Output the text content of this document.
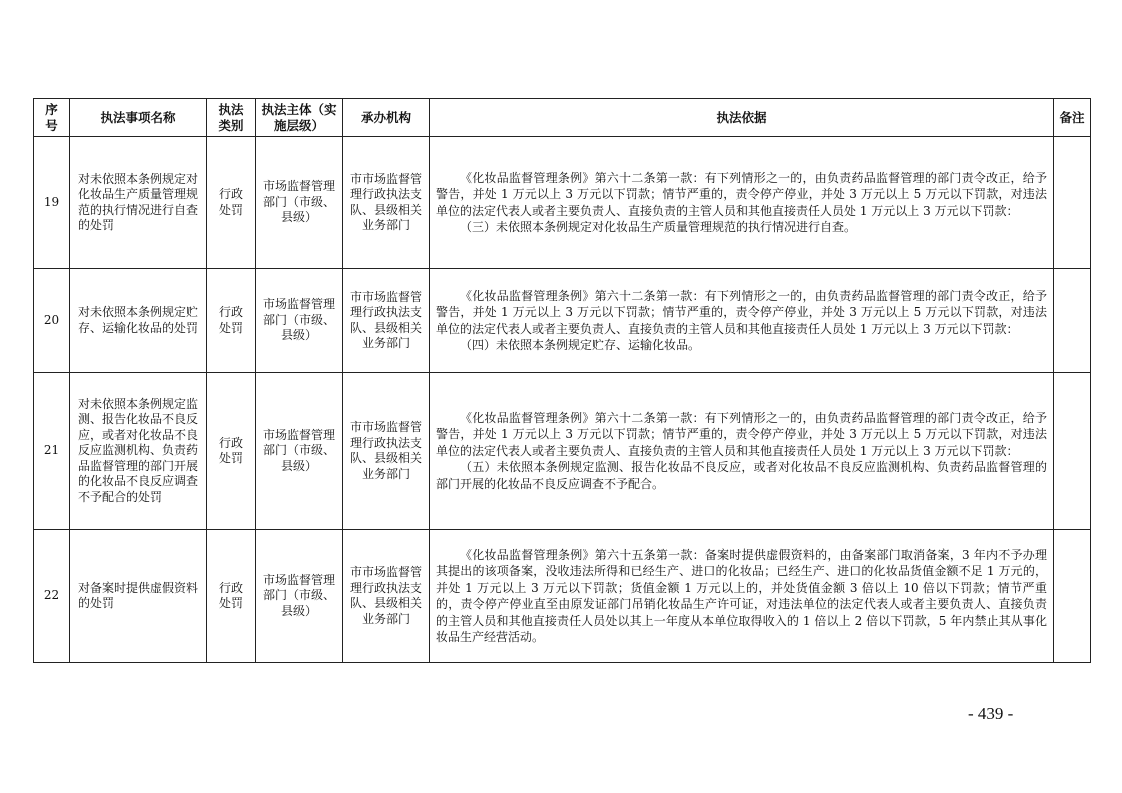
序号	执法事项名称	执法类别	执法主体（实施层级）	承办机构	执法依据	备注
19	对未依照本条例规定对化妆品生产质量管理规范的执行情况进行自查的处罚	行政处罚	市场监督管理部门（市级、县级）	市市场监督管理行政执法支队、县级相关业务部门	《化妆品监督管理条例》第六十二条第一款：有下列情形之一的，由负责药品监督管理的部门责令改正，给予警告，并处 1 万元以上 3 万元以下罚款；情节严重的，责令停产停业，并处 3 万元以上 5 万元以下罚款，对违法单位的法定代表人或者主要负责人、直接负责的主管人员和其他直接责任人员处 1 万元以上 3 万元以下罚款：
（三）未依照本条例规定对化妆品生产质量管理规范的执行情况进行自查。	

20	对未依照本条例规定贮存、运输化妆品的处罚	行政处罚	市场监督管理部门（市级、县级）	市市场监督管理行政执法支队、县级相关业务部门	《化妆品监督管理条例》第六十二条第一款：有下列情形之一的，由负责药品监督管理的部门责令改正，给予警告，并处 1 万元以上 3 万元以下罚款；情节严重的，责令停产停业，并处 3 万元以上 5 万元以下罚款，对违法单位的法定代表人或者主要负责人、直接负责的主管人员和其他直接责任人员处 1 万元以上 3 万元以下罚款：
（四）未依照本条例规定贮存、运输化妆品。	

21	对未依照本条例规定监测、报告化妆品不良反应，或者对化妆品不良反应监测机构、负责药品监督管理的部门开展的化妆品不良反应调查不予配合的处罚	行政处罚	市场监督管理部门（市级、县级）	市市场监督管理行政执法支队、县级相关业务部门	《化妆品监督管理条例》第六十二条第一款：有下列情形之一的，由负责药品监督管理的部门责令改正，给予警告，并处 1 万元以上 3 万元以下罚款；情节严重的，责令停产停业，并处 3 万元以上 5 万元以下罚款，对违法单位的法定代表人或者主要负责人、直接负责的主管人员和其他直接责任人员处 1 万元以上 3 万元以下罚款：
（五）未依照本条例规定监测、报告化妆品不良反应，或者对化妆品不良反应监测机构、负责药品监督管理的部门开展的化妆品不良反应调查不予配合。	

22	对备案时提供虚假资料的处罚	行政处罚	市场监督管理部门（市级、县级）	市市场监督管理行政执法支队、县级相关业务部门	《化妆品监督管理条例》第六十五条第一款：备案时提供虚假资料的，由备案部门取消备案，3 年内不予办理其提出的该项备案，没收违法所得和已经生产、进口的化妆品；已经生产、进口的化妆品货值金额不足 1 万元的，并处 1 万元以上 3 万元以下罚款；货值金额 1 万元以上的，并处货值金额 3 倍以上 10 倍以下罚款；情节严重的，责令停产停业直至由原发证部门吊销化妆品生产许可证，对违法单位的法定代表人或者主要负责人、直接负责的主管人员和其他直接责任人员处以其上一年度从本单位取得收入的 1 倍以上 2 倍以下罚款，5 年内禁止其从事化妆品生产经营活动。	

- 439 -
